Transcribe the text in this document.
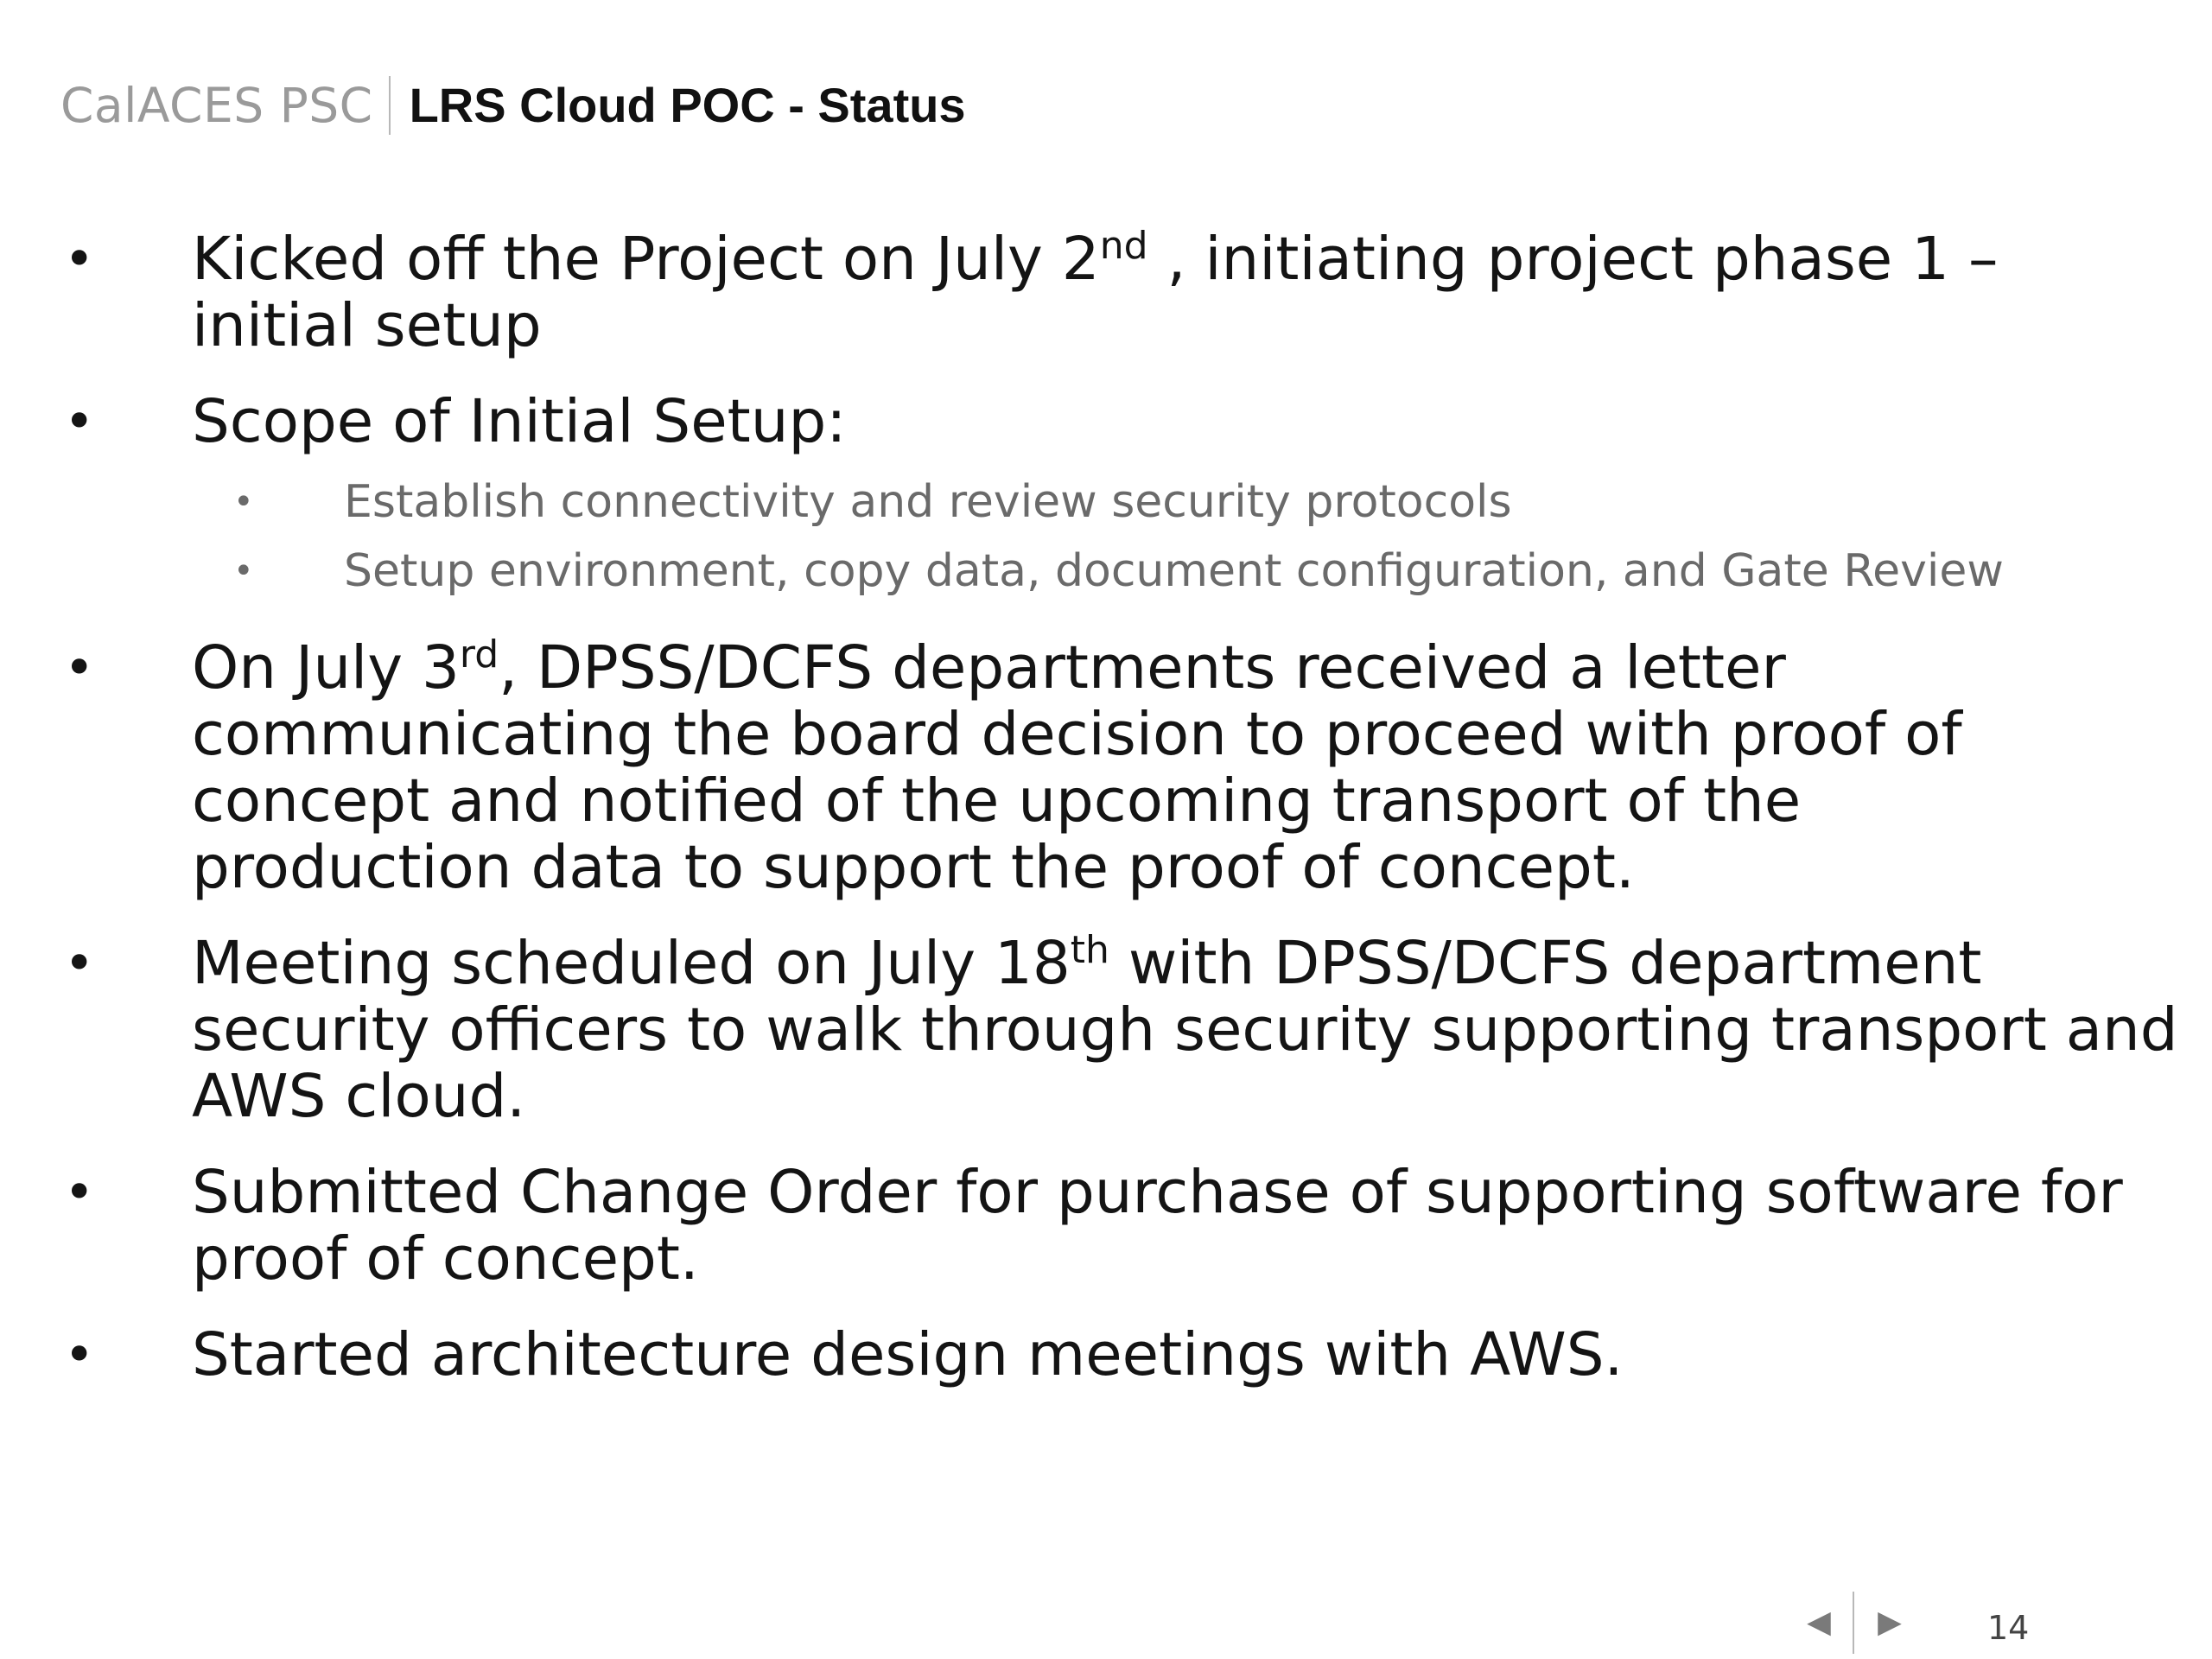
CalACES PSC LRS Cloud POC - Status
• Kicked off the Project on July 2nd , initiating project phase 1 –
initial setup
• Scope of Initial Setup:
• Establish connectivity and review security protocols
• Setup environment, copy data, document configuration, and Gate Review
• On July 3rd, DPSS/DCFS departments received a letter
communicating the board decision to proceed with proof of
concept and notified of the upcoming transport of the
production data to support the proof of concept.
• Meeting scheduled on July 18th with DPSS/DCFS department
security officers to walk through security supporting transport and
AWS cloud.
• Submitted Change Order for purchase of supporting software for
proof of concept.
• Started architecture design meetings with AWS.
◀	▶	14
